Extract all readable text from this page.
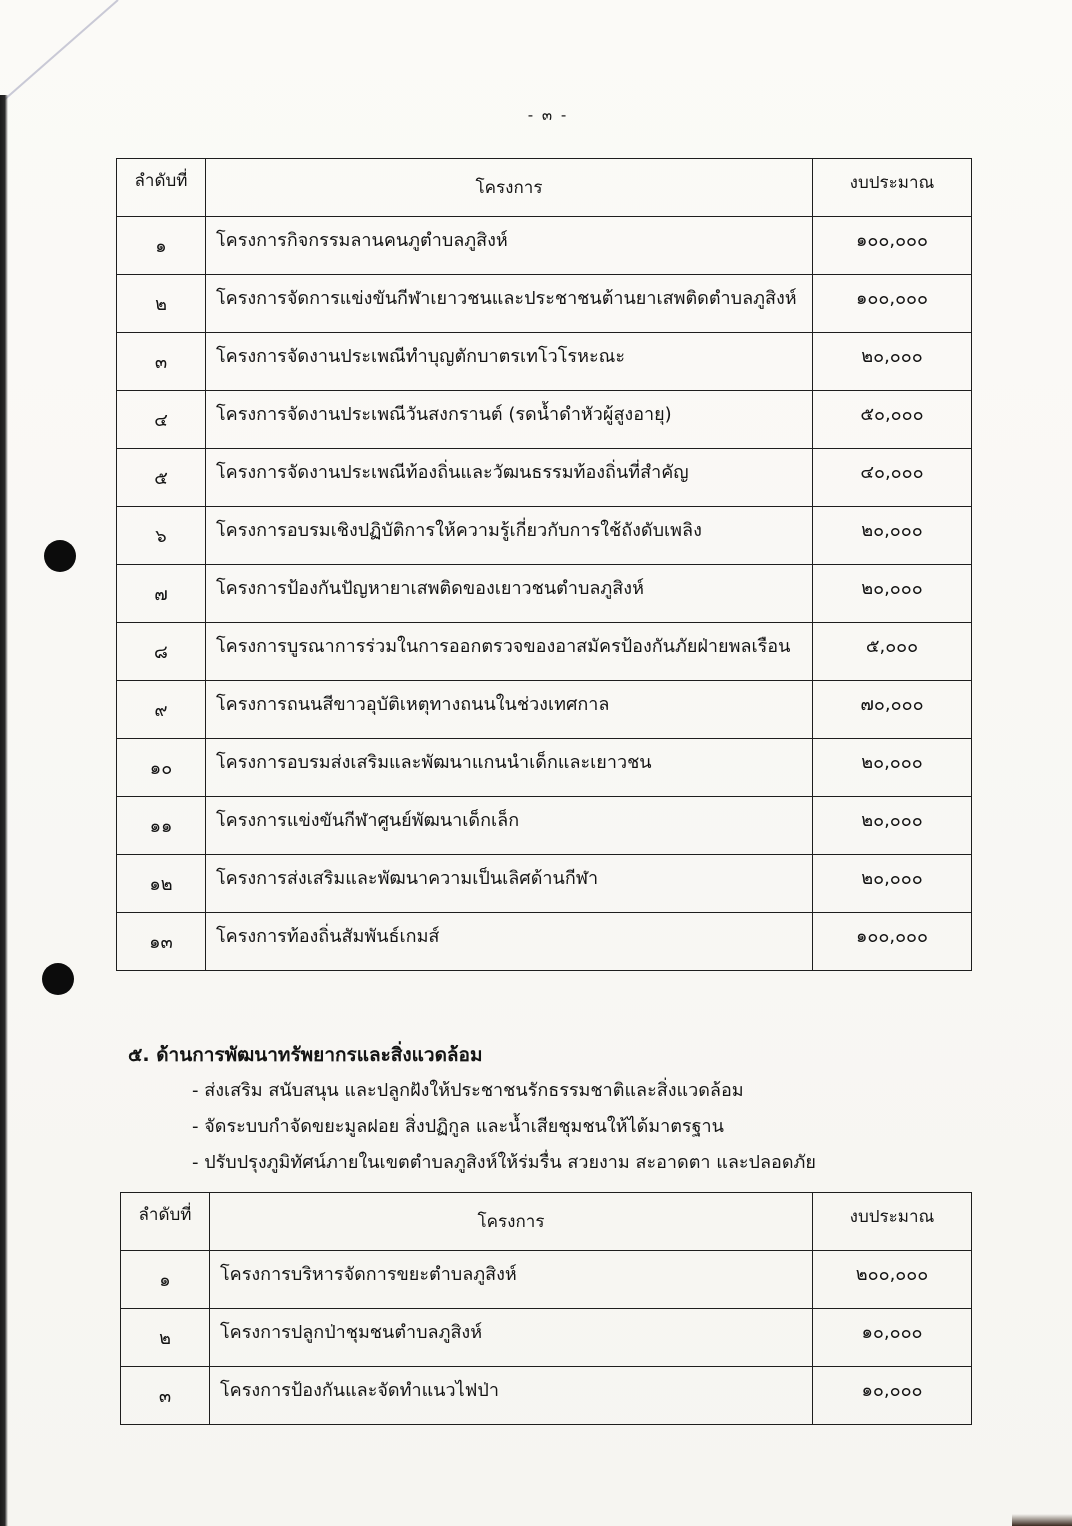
- ๓ -
ลำดับที่	โครงการ	งบประมาณ
๑	โครงการกิจกรรมลานคนภูตำบลภูสิงห์	๑๐๐,๐๐๐
๒	โครงการจัดการแข่งขันกีฬาเยาวชนและประชาชนต้านยาเสพติดตำบลภูสิงห์	๑๐๐,๐๐๐
๓	โครงการจัดงานประเพณีทำบุญตักบาตรเทโวโรหะณะ	๒๐,๐๐๐
๔	โครงการจัดงานประเพณีวันสงกรานต์ (รดน้ำดำหัวผู้สูงอายุ)	๕๐,๐๐๐
๕	โครงการจัดงานประเพณีท้องถิ่นและวัฒนธรรมท้องถิ่นที่สำคัญ	๔๐,๐๐๐
๖	โครงการอบรมเชิงปฏิบัติการให้ความรู้เกี่ยวกับการใช้ถังดับเพลิง	๒๐,๐๐๐
๗	โครงการป้องกันปัญหายาเสพติดของเยาวชนตำบลภูสิงห์	๒๐,๐๐๐
๘	โครงการบูรณาการร่วมในการออกตรวจของอาสมัครป้องกันภัยฝ่ายพลเรือน	๕,๐๐๐
๙	โครงการถนนสีขาวอุบัติเหตุทางถนนในช่วงเทศกาล	๗๐,๐๐๐
๑๐	โครงการอบรมส่งเสริมและพัฒนาแกนนำเด็กและเยาวชน	๒๐,๐๐๐
๑๑	โครงการแข่งขันกีฬาศูนย์พัฒนาเด็กเล็ก	๒๐,๐๐๐
๑๒	โครงการส่งเสริมและพัฒนาความเป็นเลิศด้านกีฬา	๒๐,๐๐๐
๑๓	โครงการท้องถิ่นสัมพันธ์เกมส์	๑๐๐,๐๐๐
๕. ด้านการพัฒนาทรัพยากรและสิ่งแวดล้อม
- ส่งเสริม สนับสนุน และปลูกฝังให้ประชาชนรักธรรมชาติและสิ่งแวดล้อม
- จัดระบบกำจัดขยะมูลฝอย สิ่งปฏิกูล และน้ำเสียชุมชนให้ได้มาตรฐาน
- ปรับปรุงภูมิทัศน์ภายในเขตตำบลภูสิงห์ให้ร่มรื่น สวยงาม สะอาดตา และปลอดภัย
ลำดับที่	โครงการ	งบประมาณ
๑	โครงการบริหารจัดการขยะตำบลภูสิงห์	๒๐๐,๐๐๐
๒	โครงการปลูกป่าชุมชนตำบลภูสิงห์	๑๐,๐๐๐
๓	โครงการป้องกันและจัดทำแนวไฟป่า	๑๐,๐๐๐
